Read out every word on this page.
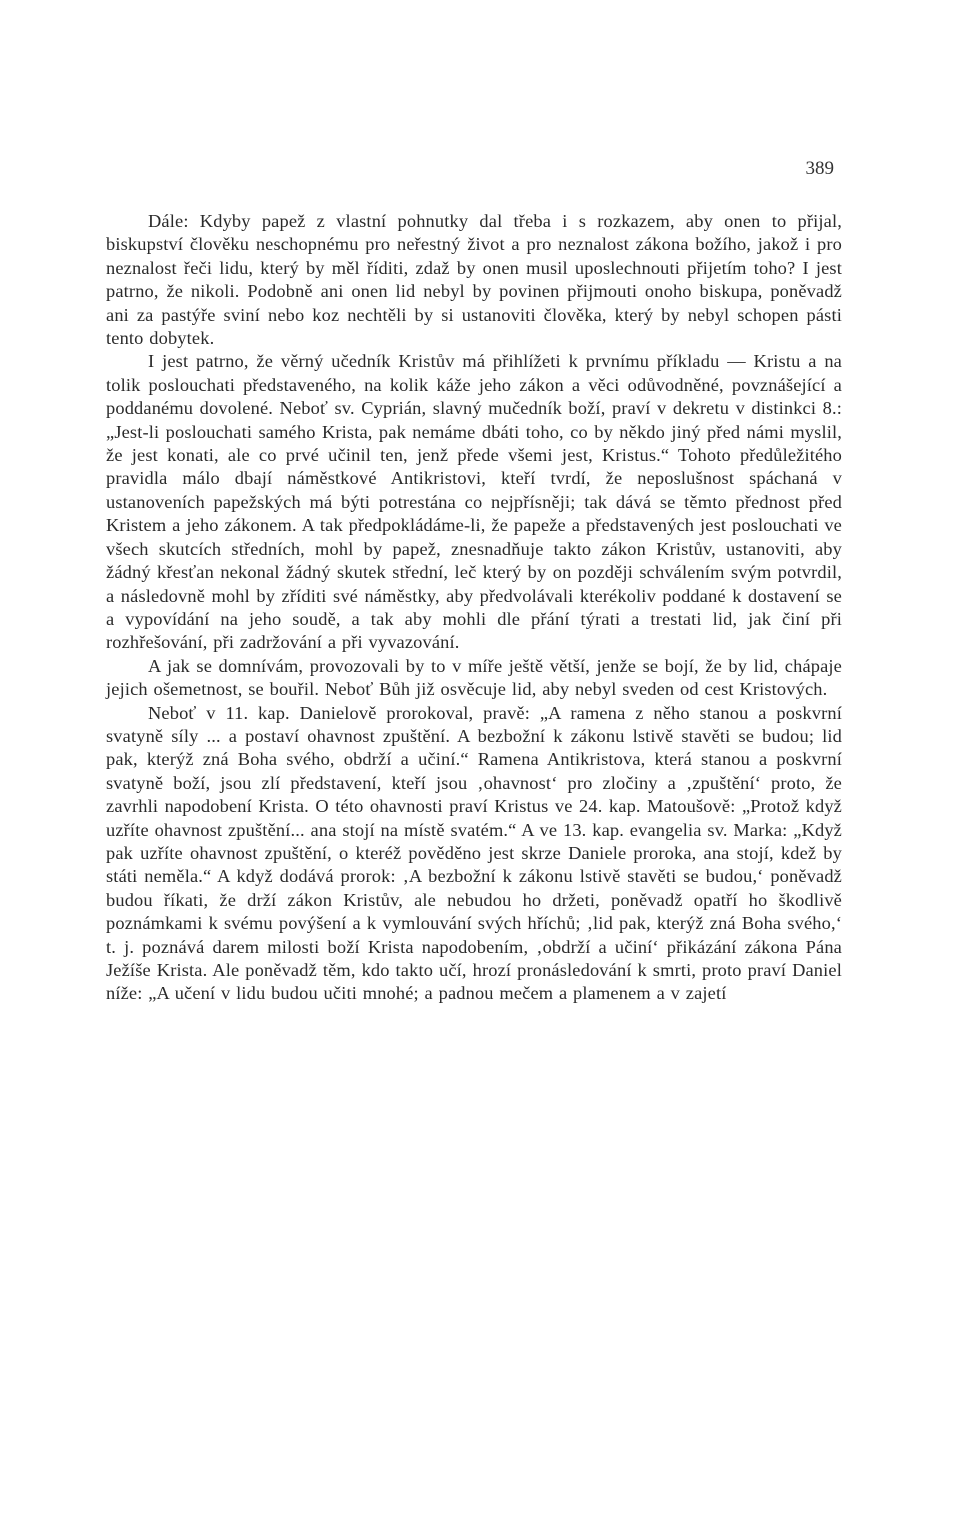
389

Dále: Kdyby papež z vlastní pohnutky dal třeba i s rozkazem, aby onen to přijal, biskupství člověku neschopnému pro neřestný život a pro neznalost zákona božího, jakož i pro neznalost řeči lidu, který by měl říditi, zdaž by onen musil uposlechnouti přijetím toho? I jest patrno, že nikoli. Podobně ani onen lid nebyl by povinen přijmouti onoho biskupa, poněvadž ani za pastýře sviní nebo koz nechtěli by si ustanoviti člověka, který by nebyl schopen pásti tento dobytek.

I jest patrno, že věrný učedník Kristův má přihlížeti k prvnímu příkladu — Kristu a na tolik poslouchati představeného, na kolik káže jeho zákon a věci odůvodněné, povznášející a poddanému dovolené. Neboť sv. Cyprián, slavný mučedník boží, praví v dekretu v distinkci 8.: „Jest-li poslouchati samého Krista, pak nemáme dbáti toho, co by někdo jiný před námi myslil, že jest konati, ale co prvé učinil ten, jenž přede všemi jest, Kristus.“ Tohoto předůležitého pravidla málo dbají náměstkové Antikristovi, kteří tvrdí, že neposlušnost spáchaná v ustanoveních papežských má býti potrestána co nejpřísněji; tak dává se těmto přednost před Kristem a jeho zákonem. A tak předpokládáme-li, že papeže a představených jest poslouchati ve všech skutcích středních, mohl by papež, znesnadňuje takto zákon Kristův, ustanoviti, aby žádný křesťan nekonal žádný skutek střední, leč který by on později schválením svým potvrdil, a následovně mohl by zříditi své náměstky, aby předvolávali kterékoliv poddané k dostavení se a vypovídání na jeho soudě, a tak aby mohli dle přání týrati a trestati lid, jak činí při rozhřešování, při zadržování a při vyvazování.

A jak se domnívám, provozovali by to v míře ještě větší, jenže se bojí, že by lid, chápaje jejich ošemetnost, se bouřil. Neboť Bůh již osvěcuje lid, aby nebyl sveden od cest Kristových.

Neboť v 11. kap. Danielově prorokoval, pravě: „A ramena z něho stanou a poskvrní svatyně síly ... a postaví ohavnost zpuštění. A bezbožní k zákonu lstivě stavěti se budou; lid pak, kterýž zná Boha svého, obdrží a učiní.“ Ramena Antikristova, která stanou a poskvrní svatyně boží, jsou zlí představení, kteří jsou ‚ohavnost‘ pro zločiny a ‚zpuštění‘ proto, že zavrhli napodobení Krista. O této ohavnosti praví Kristus ve 24. kap. Matoušově: „Protož když uzříte ohavnost zpuštění... ana stojí na místě svatém.“ A ve 13. kap. evangelia sv. Marka: „Když pak uzříte ohavnost zpuštění, o kteréž pověděno jest skrze Daniele proroka, ana stojí, kdež by státi neměla.“ A když dodává prorok: ‚A bezbožní k zákonu lstivě stavěti se budou,‘ poněvadž budou říkati, že drží zákon Kristův, ale nebudou ho držeti, poněvadž opatří ho škodlivě poznámkami k svému povýšení a k vymlouvání svých hříchů; ‚lid pak, kterýž zná Boha svého,‘ t. j. poznává darem milosti boží Krista napodobením, ‚obdrží a učiní‘ přikázání zákona Pána Ježíše Krista. Ale poněvadž těm, kdo takto učí, hrozí pronásledování k smrti, proto praví Daniel níže: „A učení v lidu budou učiti mnohé; a padnou mečem a plamenem a v zajetí
